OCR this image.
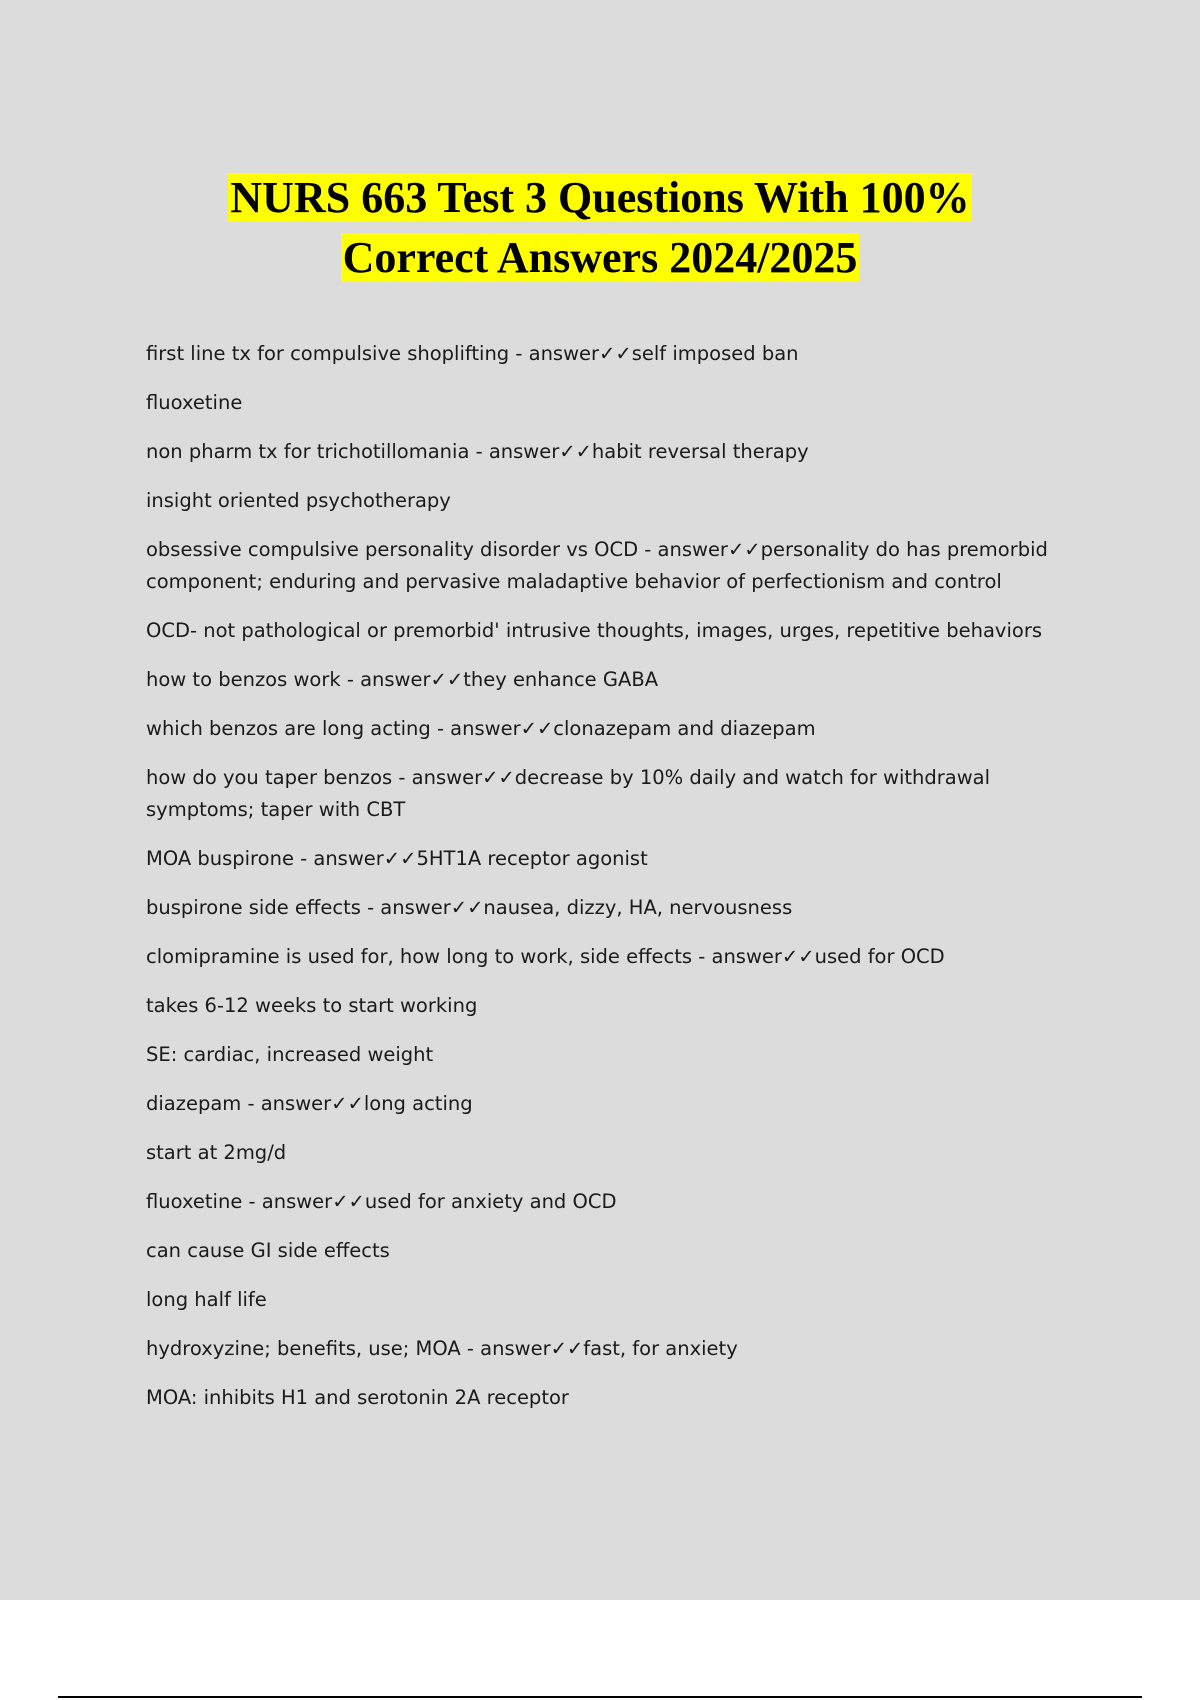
NURS 663 Test 3 Questions With 100%
Correct Answers 2024/2025
first line tx for compulsive shoplifting - answer✓✓self imposed ban
fluoxetine
non pharm tx for trichotillomania - answer✓✓habit reversal therapy
insight oriented psychotherapy
obsessive compulsive personality disorder vs OCD - answer✓✓personality do has premorbid component; enduring and pervasive maladaptive behavior of perfectionism and control
OCD- not pathological or premorbid' intrusive thoughts, images, urges, repetitive behaviors
how to benzos work - answer✓✓they enhance GABA
which benzos are long acting - answer✓✓clonazepam and diazepam
how do you taper benzos - answer✓✓decrease by 10% daily and watch for withdrawal symptoms; taper with CBT
MOA buspirone - answer✓✓5HT1A receptor agonist
buspirone side effects - answer✓✓nausea, dizzy, HA, nervousness
clomipramine is used for, how long to work, side effects - answer✓✓used for OCD
takes 6-12 weeks to start working
SE: cardiac, increased weight
diazepam - answer✓✓long acting
start at 2mg/d
fluoxetine - answer✓✓used for anxiety and OCD
can cause GI side effects
long half life
hydroxyzine; benefits, use; MOA - answer✓✓fast, for anxiety
MOA: inhibits H1 and serotonin 2A receptor
